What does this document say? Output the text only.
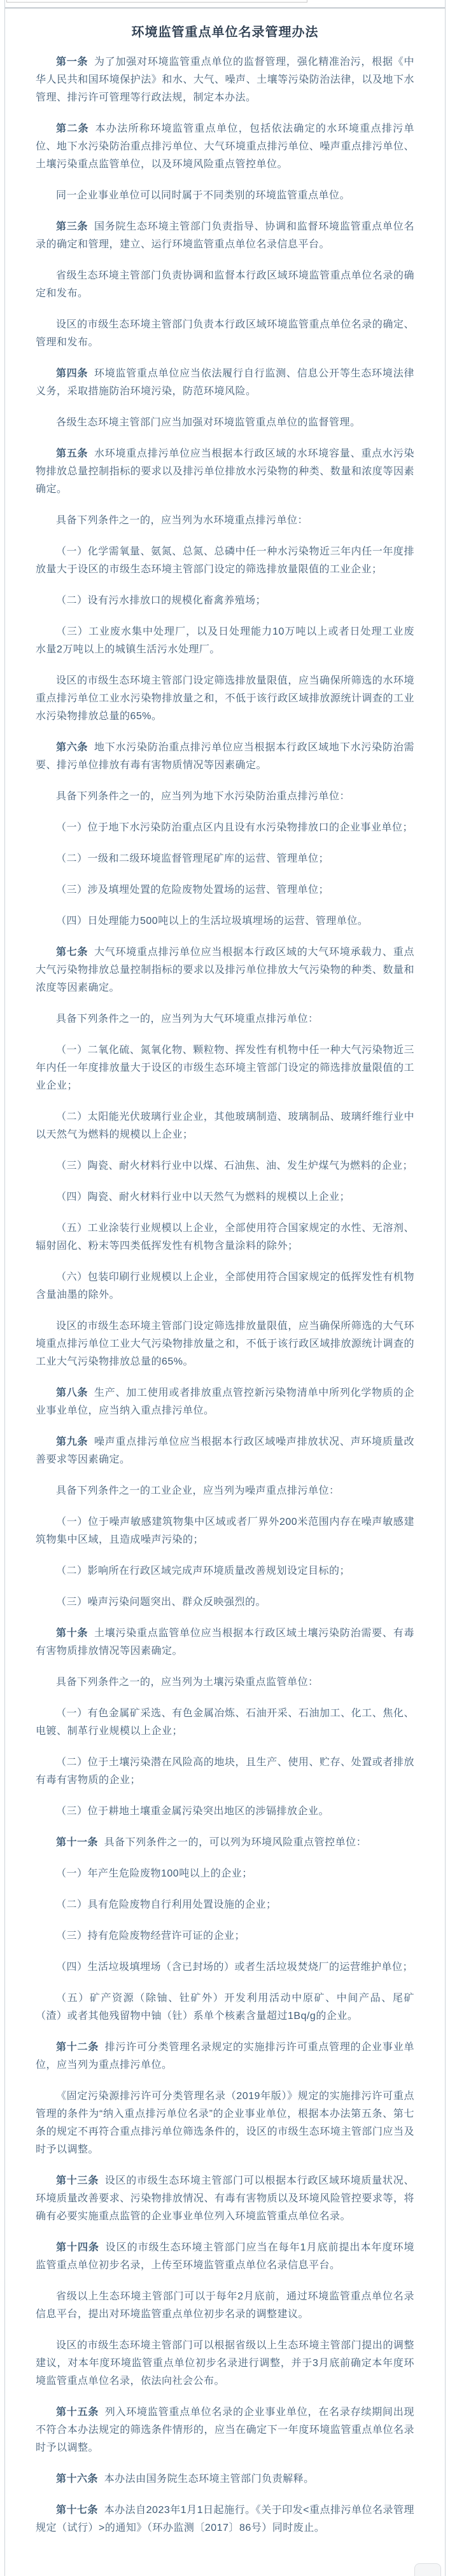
环境监管重点单位名录管理办法

第一条 为了加强对环境监管重点单位的监督管理，强化精准治污，根据《中华人民共和国环境保护法》和水、大气、噪声、土壤等污染防治法律，以及地下水管理、排污许可管理等行政法规，制定本办法。

第二条 本办法所称环境监管重点单位，包括依法确定的水环境重点排污单位、地下水污染防治重点排污单位、大气环境重点排污单位、噪声重点排污单位、土壤污染重点监管单位，以及环境风险重点管控单位。

同一企业事业单位可以同时属于不同类别的环境监管重点单位。

第三条 国务院生态环境主管部门负责指导、协调和监督环境监管重点单位名录的确定和管理，建立、运行环境监管重点单位名录信息平台。

省级生态环境主管部门负责协调和监督本行政区域环境监管重点单位名录的确定和发布。

设区的市级生态环境主管部门负责本行政区域环境监管重点单位名录的确定、管理和发布。

第四条 环境监管重点单位应当依法履行自行监测、信息公开等生态环境法律义务，采取措施防治环境污染，防范环境风险。

各级生态环境主管部门应当加强对环境监管重点单位的监督管理。

第五条 水环境重点排污单位应当根据本行政区域的水环境容量、重点水污染物排放总量控制指标的要求以及排污单位排放水污染物的种类、数量和浓度等因素确定。

具备下列条件之一的，应当列为水环境重点排污单位：

（一）化学需氧量、氨氮、总氮、总磷中任一种水污染物近三年内任一年度排放量大于设区的市级生态环境主管部门设定的筛选排放量限值的工业企业；

（二）设有污水排放口的规模化畜禽养殖场；

（三）工业废水集中处理厂，以及日处理能力10万吨以上或者日处理工业废水量2万吨以上的城镇生活污水处理厂。

设区的市级生态环境主管部门设定筛选排放量限值，应当确保所筛选的水环境重点排污单位工业水污染物排放量之和，不低于该行政区域排放源统计调查的工业水污染物排放总量的65%。

第六条 地下水污染防治重点排污单位应当根据本行政区域地下水污染防治需要、排污单位排放有毒有害物质情况等因素确定。

具备下列条件之一的，应当列为地下水污染防治重点排污单位：

（一）位于地下水污染防治重点区内且设有水污染物排放口的企业事业单位；

（二）一级和二级环境监督管理尾矿库的运营、管理单位；

（三）涉及填埋处置的危险废物处置场的运营、管理单位；

（四）日处理能力500吨以上的生活垃圾填埋场的运营、管理单位。

第七条 大气环境重点排污单位应当根据本行政区域的大气环境承载力、重点大气污染物排放总量控制指标的要求以及排污单位排放大气污染物的种类、数量和浓度等因素确定。

具备下列条件之一的，应当列为大气环境重点排污单位：

（一）二氧化硫、氮氧化物、颗粒物、挥发性有机物中任一种大气污染物近三年内任一年度排放量大于设区的市级生态环境主管部门设定的筛选排放量限值的工业企业；

（二）太阳能光伏玻璃行业企业，其他玻璃制造、玻璃制品、玻璃纤维行业中以天然气为燃料的规模以上企业；

（三）陶瓷、耐火材料行业中以煤、石油焦、油、发生炉煤气为燃料的企业；

（四）陶瓷、耐火材料行业中以天然气为燃料的规模以上企业；

（五）工业涂装行业规模以上企业，全部使用符合国家规定的水性、无溶剂、辐射固化、粉末等四类低挥发性有机物含量涂料的除外；

（六）包装印刷行业规模以上企业，全部使用符合国家规定的低挥发性有机物含量油墨的除外。

设区的市级生态环境主管部门设定筛选排放量限值，应当确保所筛选的大气环境重点排污单位工业大气污染物排放量之和，不低于该行政区域排放源统计调查的工业大气污染物排放总量的65%。

第八条 生产、加工使用或者排放重点管控新污染物清单中所列化学物质的企业事业单位，应当纳入重点排污单位。

第九条 噪声重点排污单位应当根据本行政区域噪声排放状况、声环境质量改善要求等因素确定。

具备下列条件之一的工业企业，应当列为噪声重点排污单位：

（一）位于噪声敏感建筑物集中区域或者厂界外200米范围内存在噪声敏感建筑物集中区域，且造成噪声污染的；

（二）影响所在行政区域完成声环境质量改善规划设定目标的；

（三）噪声污染问题突出、群众反映强烈的。

第十条 土壤污染重点监管单位应当根据本行政区域土壤污染防治需要、有毒有害物质排放情况等因素确定。

具备下列条件之一的，应当列为土壤污染重点监管单位：

（一）有色金属矿采选、有色金属冶炼、石油开采、石油加工、化工、焦化、电镀、制革行业规模以上企业；

（二）位于土壤污染潜在风险高的地块，且生产、使用、贮存、处置或者排放有毒有害物质的企业；

（三）位于耕地土壤重金属污染突出地区的涉镉排放企业。

第十一条 具备下列条件之一的，可以列为环境风险重点管控单位：

（一）年产生危险废物100吨以上的企业；

（二）具有危险废物自行利用处置设施的企业；

（三）持有危险废物经营许可证的企业；

（四）生活垃圾填埋场（含已封场的）或者生活垃圾焚烧厂的运营维护单位；

（五）矿产资源（除铀、钍矿外）开发利用活动中原矿、中间产品、尾矿（渣）或者其他残留物中铀（钍）系单个核素含量超过1Bq/g的企业。

第十二条 排污许可分类管理名录规定的实施排污许可重点管理的企业事业单位，应当列为重点排污单位。

《固定污染源排污许可分类管理名录（2019年版）》规定的实施排污许可重点管理的条件为“纳入重点排污单位名录”的企业事业单位，根据本办法第五条、第七条的规定不再符合重点排污单位筛选条件的，设区的市级生态环境主管部门应当及时予以调整。

第十三条 设区的市级生态环境主管部门可以根据本行政区域环境质量状况、环境质量改善要求、污染物排放情况、有毒有害物质以及环境风险管控要求等，将确有必要实施重点监管的企业事业单位列入环境监管重点单位名录。

第十四条 设区的市级生态环境主管部门应当在每年1月底前提出本年度环境监管重点单位初步名录，上传至环境监管重点单位名录信息平台。

省级以上生态环境主管部门可以于每年2月底前，通过环境监管重点单位名录信息平台，提出对环境监管重点单位初步名录的调整建议。

设区的市级生态环境主管部门可以根据省级以上生态环境主管部门提出的调整建议，对本年度环境监管重点单位初步名录进行调整，并于3月底前确定本年度环境监管重点单位名录，依法向社会公布。

第十五条 列入环境监管重点单位名录的企业事业单位，在名录存续期间出现不符合本办法规定的筛选条件情形的，应当在确定下一年度环境监管重点单位名录时予以调整。

第十六条 本办法由国务院生态环境主管部门负责解释。

第十七条 本办法自2023年1月1日起施行。《关于印发<重点排污单位名录管理规定（试行）>的通知》（环办监测〔2017〕86号）同时废止。
